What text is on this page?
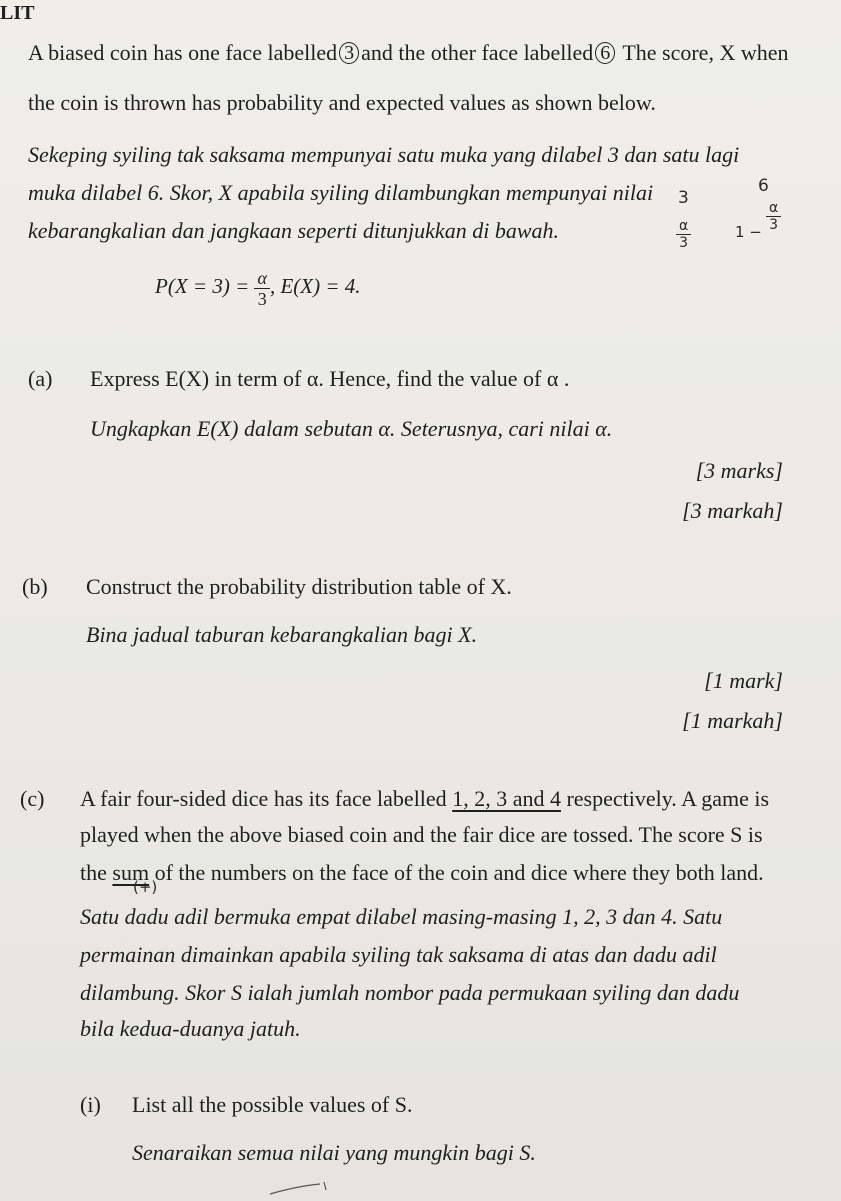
LIT
A biased coin has one face labelled 3 and the other face labelled 6 The score, X when
the coin is thrown has probability and expected values as shown below.
Sekeping syiling tak saksama mempunyai satu muka yang dilabel 3 dan satu lagi
muka dilabel 6. Skor, X apabila syiling dilambungkan mempunyai nilai
kebarangkalian dan jangkaan seperti ditunjukkan di bawah.
3
6
$\frac{\alpha}{3}$	$1 - \frac{\alpha}{3}$
$P(X = 3) = \frac{\alpha}{3}$ , E(X) = 4.
(a) Express E(X) in term of α. Hence, find the value of α .
Ungkapkan E(X) dalam sebutan α. Seterusnya, cari nilai α.
[3 marks]
[3 markah]
(b) Construct the probability distribution table of X.
Bina jadual taburan kebarangkalian bagi X.
[1 mark]
[1 markah]
(c) A fair four-sided dice has its face labelled 1, 2, 3 and 4 respectively. A game is
played when the above biased coin and the fair dice are tossed. The score S is
the sum of the numbers on the face of the coin and dice where they both land.
(+)
Satu dadu adil bermuka empat dilabel masing-masing 1, 2, 3 dan 4. Satu
permainan dimainkan apabila syiling tak saksama di atas dan dadu adil
dilambung. Skor S ialah jumlah nombor pada permukaan syiling dan dadu
bila kedua-duanya jatuh.
(i) List all the possible values of S.
Senaraikan semua nilai yang mungkin bagi S.
